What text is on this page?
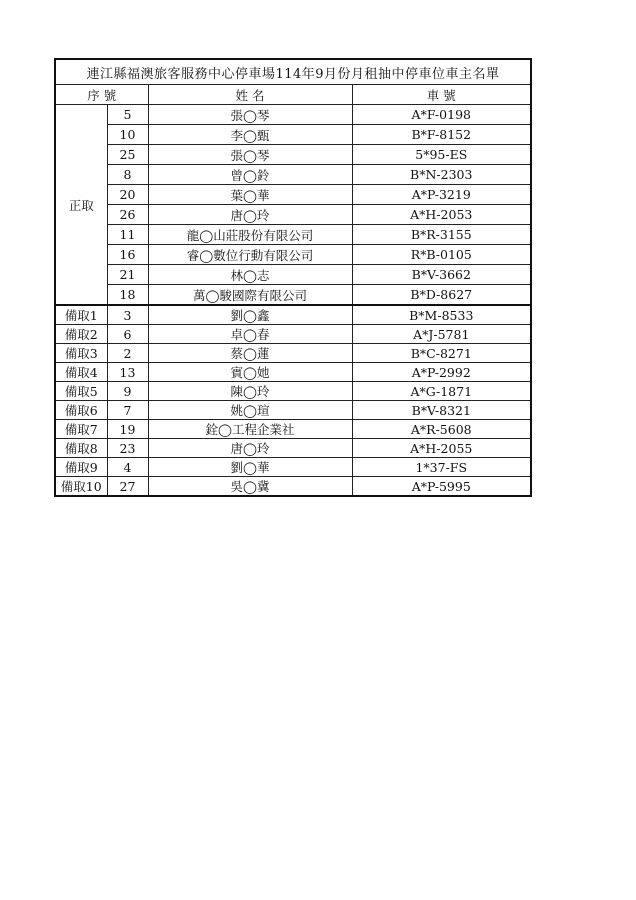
連江縣福澳旅客服務中心停車場114年9月份月租抽中停車位車主名單			
序 號		姓 名	車 號
正取	5	張◯琴	A*F-0198
	10	李◯甄	B*F-8152
	25	張◯琴	5*95-ES
	8	曾◯鈴	B*N-2303
	20	葉◯華	A*P-3219
	26	唐◯玲	A*H-2053
	11	龍◯山莊股份有限公司	B*R-3155
	16	睿◯數位行動有限公司	R*B-0105
	21	林◯志	B*V-3662
	18	萬◯駿國際有限公司	B*D-8627
備取1	3	劉◯鑫	B*M-8533
備取2	6	卓◯春	A*J-5781
備取3	2	蔡◯蓮	B*C-8271
備取4	13	賓◯她	A*P-2992
備取5	9	陳◯玲	A*G-1871
備取6	7	姚◯瑄	B*V-8321
備取7	19	銓◯工程企業社	A*R-5608
備取8	23	唐◯玲	A*H-2055
備取9	4	劉◯華	1*37-FS
備取10	27	吳◯冀	A*P-5995
